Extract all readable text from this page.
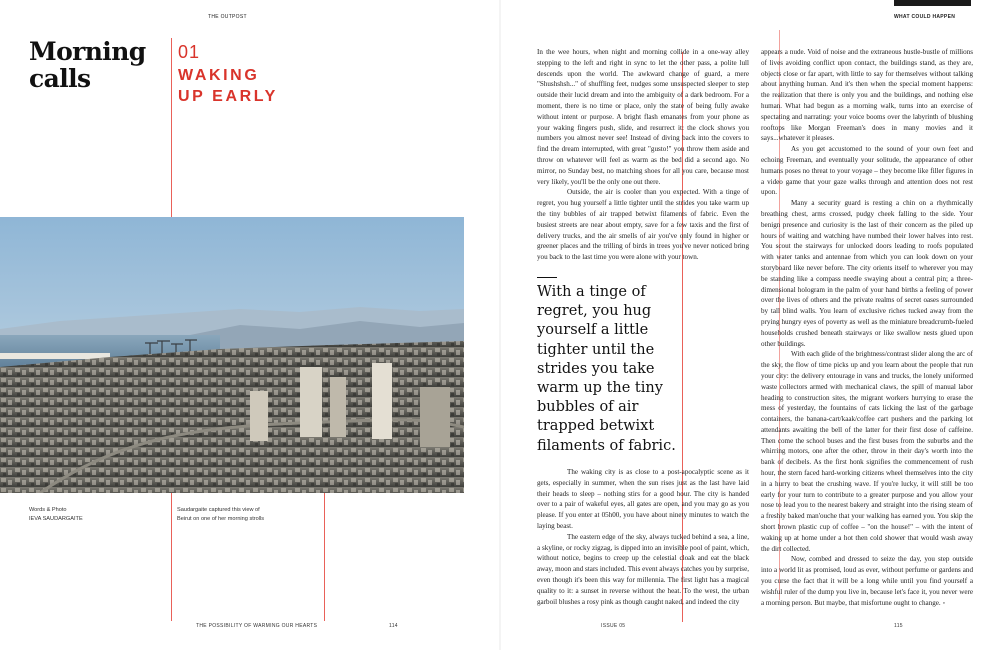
THE OUTPOST	WHAT COULD HAPPEN
Morning
calls
01
WAKING
UP EARLY
Words & Photo
IEVA SAUDARGAITE
Saudargaite captured this view of
Beirut on one of her morning strolls

In the wee hours, when night and morning collide in a one-way alley stepping to the left and right in sync to let the other pass, a polite lull descends upon the world. The awkward change of guard, a mere "Shushshsh..." of shuffling feet, nudges some unsuspected sleeper to step outside their lucid dream and into the ambiguity of a dark bedroom. For a moment, there is no time or place, only the state of being fully awake without intent or purpose. A bright flash emanates from your phone as your waking fingers push, slide, and resurrect it: the clock shows you numbers you almost never see! Instead of diving back into the covers to find the dream interrupted, with great "gusto!" you throw them aside and throw on whatever will feel as warm as the bed did a second ago. No mirror, no Sunday best, no matching shoes for all you care, because most very likely, you'll be the only one out there.

Outside, the air is cooler than you expected. With a tinge of regret, you hug yourself a little tighter until the strides you take warm up the tiny bubbles of air trapped betwixt filaments of fabric. Even the busiest streets are near about empty, save for a few taxis and the first of delivery trucks, and the air smells of air you've only found in higher or greener places and the trilling of birds in trees you've never noticed bring you back to the last time you were alone with your town.

With a tinge of regret, you hug yourself a little tighter until the strides you take warm up the tiny bubbles of air trapped betwixt filaments of fabric.

The waking city is as close to a post-apocalyptic scene as it gets, especially in summer, when the sun rises just as the last have laid their heads to sleep – nothing stirs for a good hour. The city is handed over to a pair of wakeful eyes, all gates are open, and you may go as you please. If you enter at 05h00, you have about ninety minutes to watch the laying beast.

The eastern edge of the sky, always tucked behind a sea, a line, a skyline, or rocky zigzag, is dipped into an invisible pool of paint, which, without notice, begins to creep up the celestial cloak and eat the black away, moon and stars included. This event always catches you by surprise, even though it's been this way for millennia. The first light has a magical quality to it: a sunset in reverse without the heat. To the west, the urban garboil blushes a rosy pink as though caught naked, and indeed the city

appears a nude. Void of noise and the extraneous hustle-bustle of millions of lives avoiding conflict upon contact, the buildings stand, as they are, objects close or far apart, with little to say for themselves without talking about anything human. And it's then when the special moment happens: the realization that there is only you and the buildings, and nothing else human. What had begun as a morning walk, turns into an exercise of spectating and narrating: your voice booms over the labyrinth of blushing rooftops like Morgan Freeman's does in many movies and it says...whatever it pleases.

As you get accustomed to the sound of your own feet and echoing Freeman, and eventually your solitude, the appearance of other humans poses no threat to your voyage – they become like filler figures in a video game that your gaze walks through and attention does not rest upon.

Many a security guard is resting a chin on a rhythmically breathing chest, arms crossed, pudgy cheek falling to the side. Your benign presence and curiosity is the last of their concern as the piled up hours of waiting and watching have numbed their lower halves into rest. You scout the stairways for unlocked doors leading to roofs populated with water tanks and antennae from which you can look down on your storyboard like never before. The city orients itself to wherever you may be standing like a compass needle swaying about a central pin; a three-dimensional hologram in the palm of your hand births a feeling of power over the lives of others and the private realms of secret oases surrounded by tall blind walls. You learn of exclusive riches tucked away from the prying hungry eyes of poverty as well as the miniature breadcrumb-fueled households crushed beneath stairways or like swallow nests glued upon other buildings.

With each glide of the brightness/contrast slider along the arc of the sky, the flow of time picks up and you learn about the people that run your city: the delivery entourage in vans and trucks, the lonely uniformed waste collectors armed with mechanical claws, the spill of manual labor heading to construction sites, the migrant workers hurrying to erase the mess of yesterday, the fountains of cats licking the last of the garbage containers, the banana-cart/kaak/coffee cart pushers and the parking lot attendants awaiting the bell of the latter for their first dose of caffeine. Then come the school buses and the first buses from the suburbs and the whirring motors, one after the other, throw in their day's worth into the bank of decibels. As the first honk signifies the commencement of rush hour, the stern faced hard-working citizens wheel themselves into the city in a hurry to beat the crushing wave. If you're lucky, it will still be too early for your turn to contribute to a greater purpose and you allow your nose to lead you to the nearest bakery and straight into the rising steam of a freshly baked man'ouche that your walking has earned you. You skip the short brown plastic cup of coffee – "on the house!" – with the intent of waking up at home under a hot then cold shower that would wash away the dirt collected.

Now, combed and dressed to seize the day, you step outside into a world lit as promised, loud as ever, without perfume or gardens and you curse the fact that it will be a long while until you find yourself a wishful ruler of the dump you live in, because let's face it, you never were a morning person. But maybe, that misfortune ought to change. ◦

THE POSSIBILITY OF WARMING OUR HEARTS	114	ISSUE 05	115
